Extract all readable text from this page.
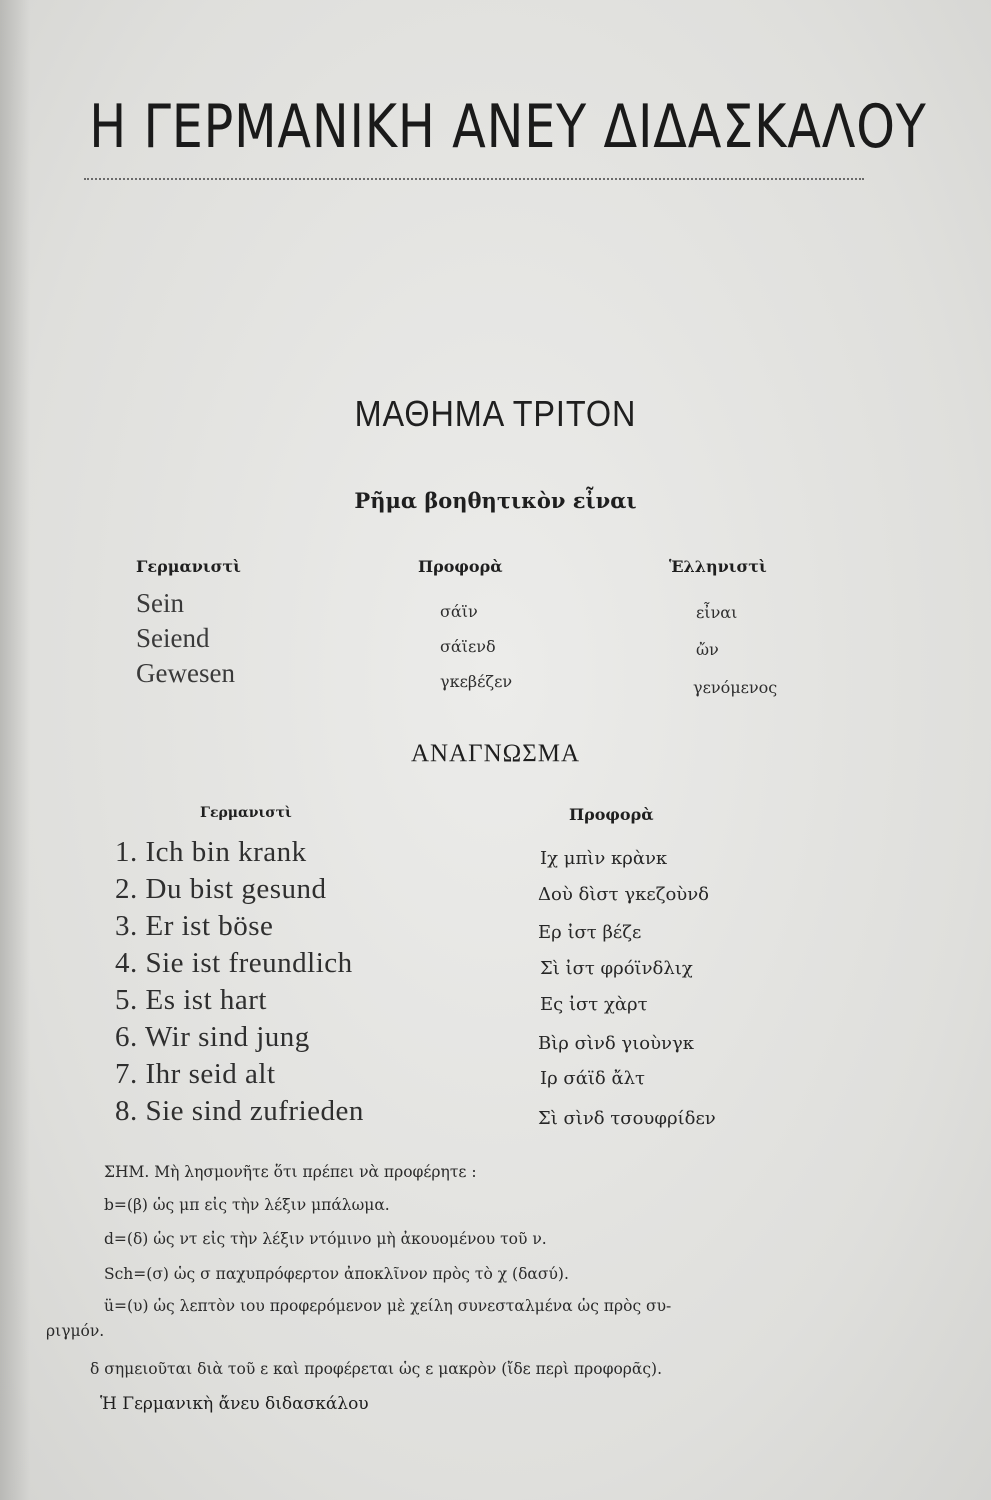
Η ΓΕΡΜΑΝΙΚΗ ΑΝΕΥ ΔΙΔΑΣΚΑΛΟΥ
ΜΑΘΗΜΑ ΤΡΙΤΟΝ
Ρῆμα βοηθητικὸν εἶναι
Γερμανιστὶ	Προφορὰ	Ἑλληνιστὶ
Sein	σάϊν	εἶναι
Seiend	σάϊενδ	ὤν
Gewesen	γκεβέζεν	γενόμενος
ΑΝΑΓΝΩΣΜΑ
Γερμανιστὶ	Προφορὰ
1. Ich bin krank	Ιχ μπὶν κρὰνκ
2. Du bist gesund	Δοὺ δὶστ γκεζοὺνδ
3. Er ist böse	Ερ ἰστ βέζε
4. Sie ist freundlich	Σὶ ἰστ φρόϊνδλιχ
5. Es ist hart	Ες ἰστ χὰρτ
6. Wir sind jung	Βὶρ σὶνδ γιοὺνγκ
7. Ihr seid alt	Ιρ σάϊδ ἄλτ
8. Sie sind zufrieden	Σὶ σὶνδ τσουφρίδεν
ΣΗΜ. Μὴ λησμονῆτε ὅτι πρέπει νὰ προφέρητε :
b=(β) ὡς μπ εἰς τὴν λέξιν μπάλωμα.
d=(δ) ὡς ντ εἰς τὴν λέξιν ντόμινο μὴ ἀκουομένου τοῦ ν.
Sch=(σ) ὡς σ παχυπρόφερτον ἀποκλῖνον πρὸς τὸ χ (δασύ).
ü=(υ) ὡς λεπτὸν ιου προφερόμενον μὲ χείλη συνεσταλμένα ὡς πρὸς συ-
ριγμόν.
δ σημειοῦται διὰ τοῦ ε καὶ προφέρεται ὡς ε μακρὸν (ἴδε περὶ προφορᾶς).
Ἡ Γερμανικὴ ἄνευ διδασκάλου
